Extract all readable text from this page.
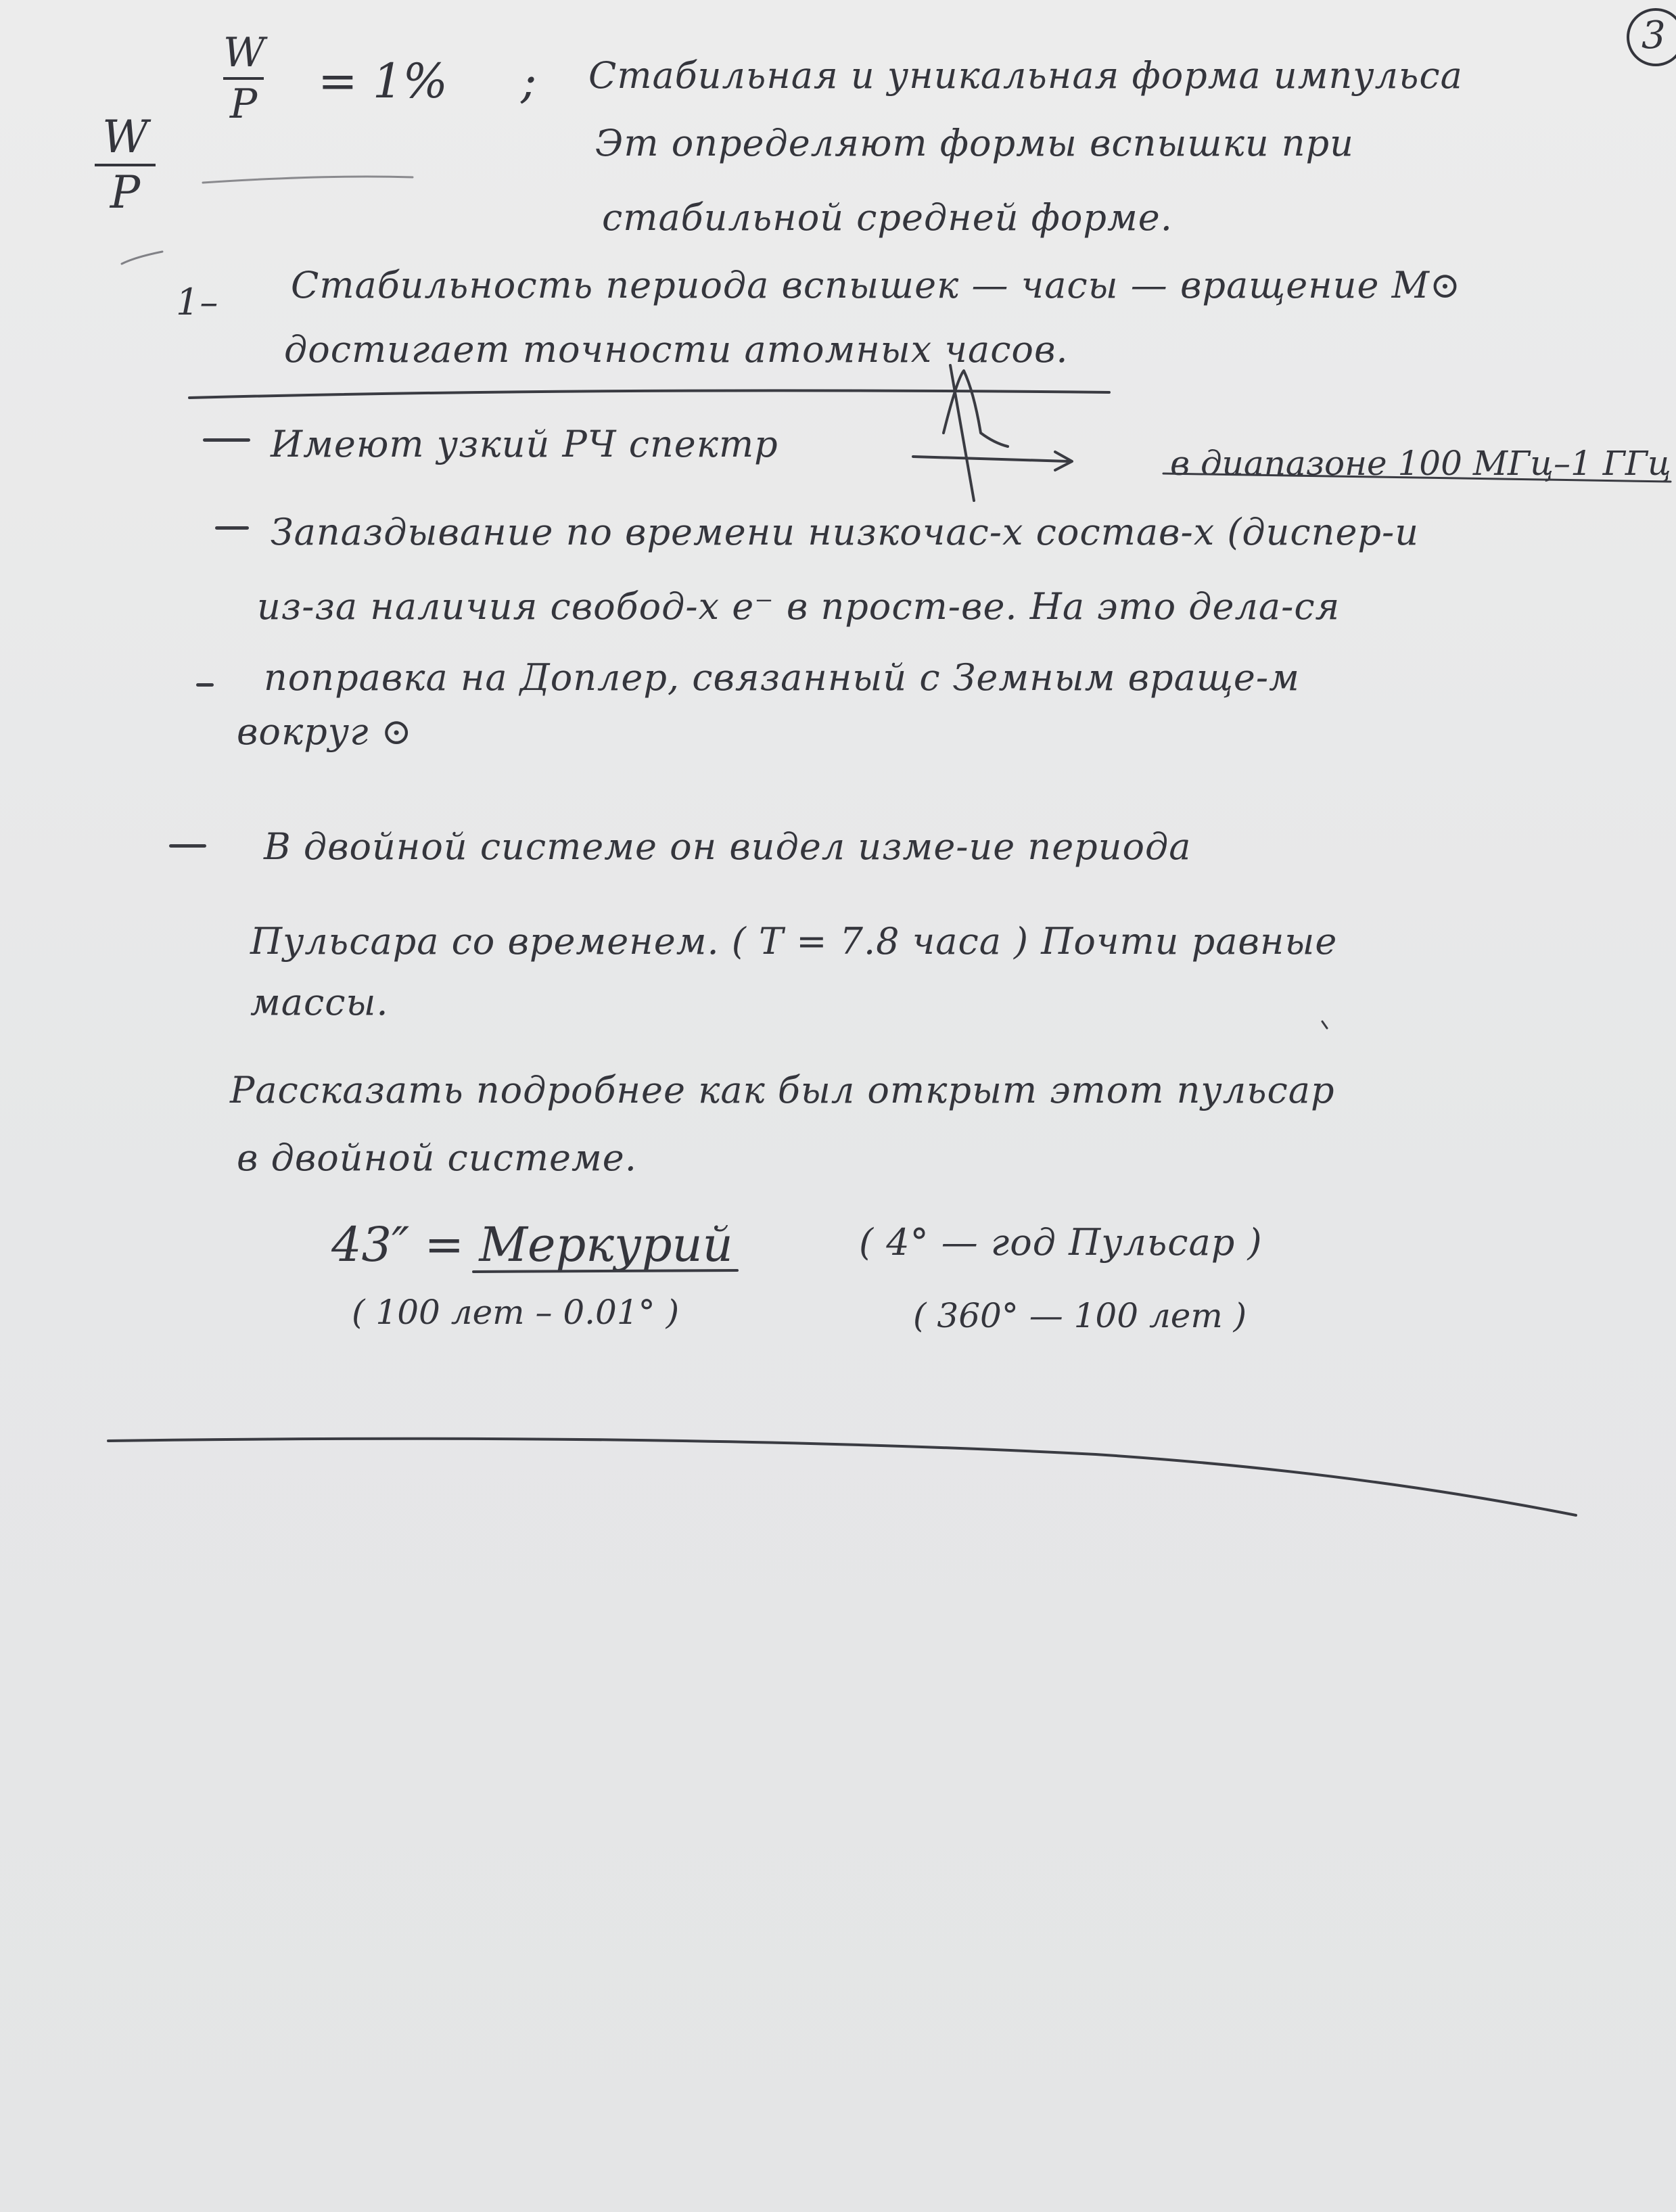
3
W
P = 1% ;
W
P
Стабильная и уникальная форма импульса
Эт определяют формы вспышки при
стабильной средней форме.
1– Стабильность периода вспышек — часы — вращение М⊙
достигает точности атомных часов.
Имеют узкий РЧ спектр	в диапазоне 100 МГц–1 ГГц
Запаздывание по времени низкочас-х состав-х (диспер-и
из-за наличия свобод-х e⁻ в прост-ве. На это дела-ся
поправка на Доплер, связанный с Земным враще-м
вокруг ⊙
В двойной системе он видел изме-ие периода
Пульсара со временем. ( T = 7.8 часа ) Почти равные
массы.
Рассказать подробнее как был открыт этот пульсар
в двойной системе.
43″ = Меркурий
( 100 лет – 0.01° )
( 4° — год Пульсар )
( 360° — 100 лет )
